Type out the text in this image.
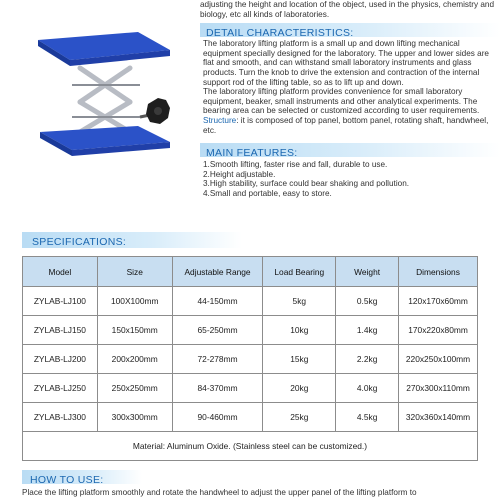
adjusting the height and location of the object, used in the physics, chemistry and biology, etc all kinds of laboratories.

DETAIL CHARACTERISTICS:

The laboratory lifting platform is a small up and down lifting mechanical equipment specially designed for the laboratory. The upper and lower sides are flat and smooth, and can withstand small laboratory instruments and glass products. Turn the knob to drive the extension and contraction of the internal support rod of the lifting table, so as to lift up and down.
The laboratory lifting platform provides convenience for small laboratory equipment, beaker, small instruments and other analytical experiments. The bearing area can be selected or customized according to user requirements.
Structure: it is composed of top panel, bottom panel, rotating shaft, handwheel, etc.

MAIN FEATURES:
1.Smooth lifting, faster rise and fall, durable to use.
2.Height adjustable.
3.High stability, surface could bear shaking and pollution.
4.Small and portable, easy to store.
SPECIFICATIONS:
Model	Size	Adjustable Range	Load Bearing	Weight	Dimensions
ZYLAB-LJ100	100X100mm	44-150mm	5kg	0.5kg	120x170x60mm
ZYLAB-LJ150	150x150mm	65-250mm	10kg	1.4kg	170x220x80mm
ZYLAB-LJ200	200x200mm	72-278mm	15kg	2.2kg	220x250x100mm
ZYLAB-LJ250	250x250mm	84-370mm	20kg	4.0kg	270x300x110mm
ZYLAB-LJ300	300x300mm	90-460mm	25kg	4.5kg	320x360x140mm
Material: Aluminum Oxide. (Stainless steel can be customized.)					
HOW TO USE:
Place the lifting platform smoothly and rotate the handwheel to adjust the upper panel of the lifting platform to
